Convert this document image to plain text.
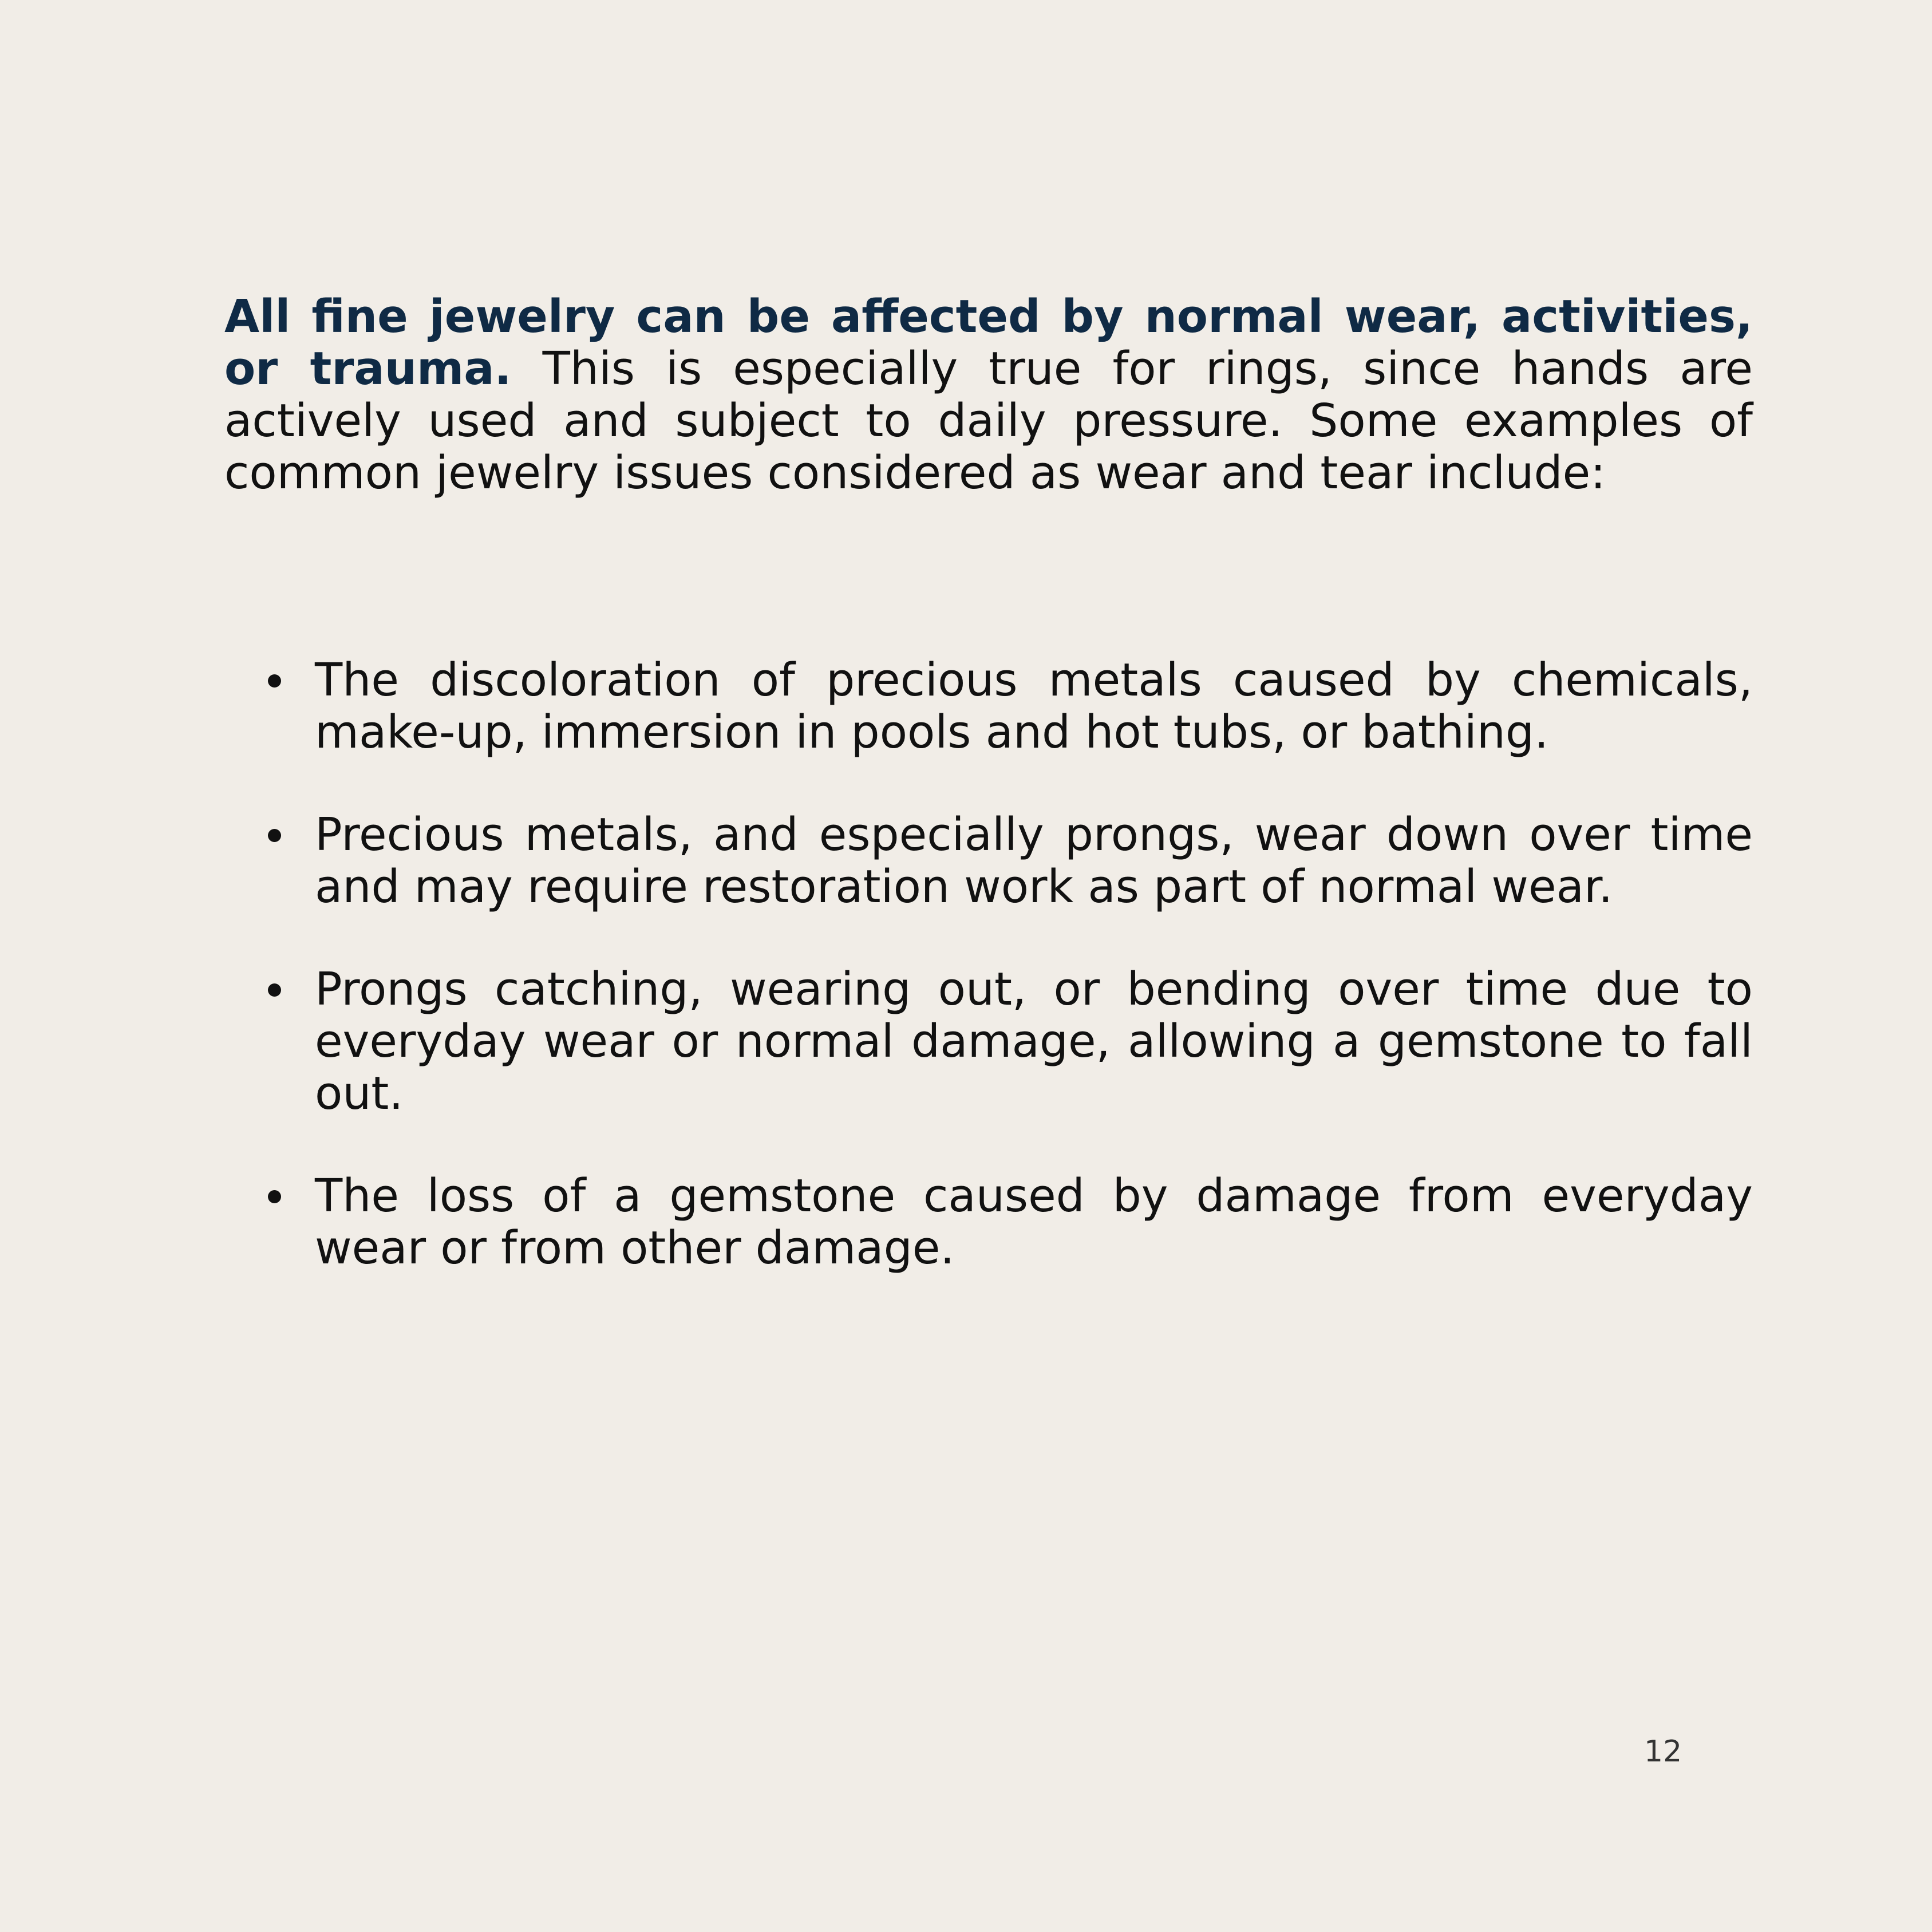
All fine jewelry can be affected by normal wear, activities, or trauma. This is especially true for rings, since hands are actively used and subject to daily pressure. Some examples of common jewelry issues considered as wear and tear include:

The discoloration of precious metals caused by chemicals, make-up, immersion in pools and hot tubs, or bathing.
Precious metals, and especially prongs, wear down over time and may require restoration work as part of normal wear.
Prongs catching, wearing out, or bending over time due to everyday wear or normal damage, allowing a gemstone to fall out.
The loss of a gemstone caused by damage from everyday wear or from other damage.
12
